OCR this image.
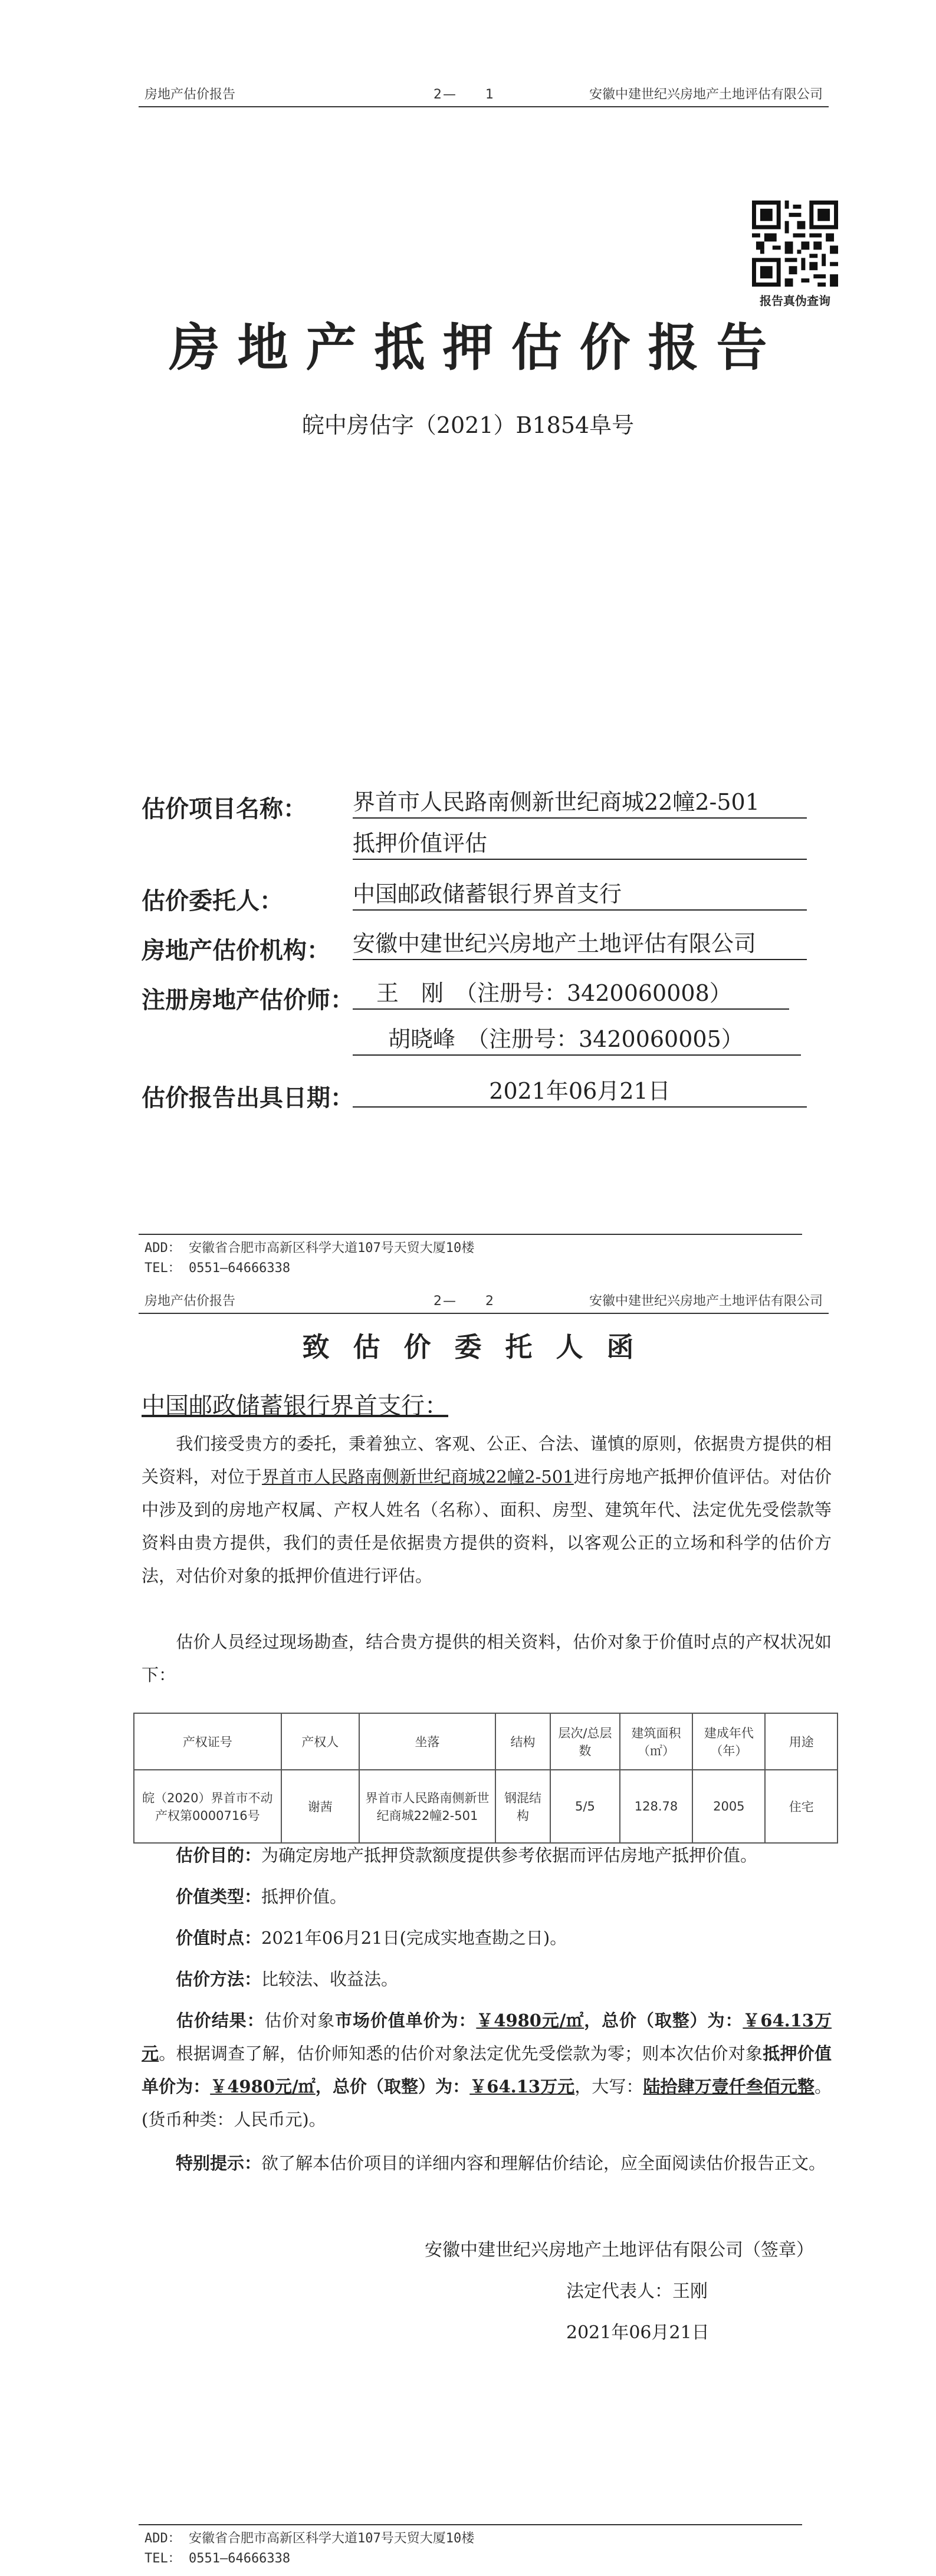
房地产估价报告	2—　　1	安徽中建世纪兴房地产土地评估有限公司
报告真伪查询
房地产抵押估价报告
皖中房估字（2021）B1854阜号
估价项目名称： 界首市人民路南侧新世纪商城22幢2-501
抵押价值评估
估价委托人：	中国邮政储蓄银行界首支行
房地产估价机构： 安徽中建世纪兴房地产土地评估有限公司
注册房地产估价师：	王　刚　（注册号：3420060008）
胡晓峰　（注册号：3420060005）
估价报告出具日期：	2021年06月21日
ADD： 安徽省合肥市高新区科学大道107号天贸大厦10楼
TEL： 0551—64666338
房地产估价报告	2—　　2	安徽中建世纪兴房地产土地评估有限公司
致估价委托人函
中国邮政储蓄银行界首支行：
我们接受贵方的委托，秉着独立、客观、公正、合法、谨慎的原则，依据贵方提供的相关资料，对位于界首市人民路南侧新世纪商城22幢2-501进行房地产抵押价值评估。对估价中涉及到的房地产权属、产权人姓名（名称）、面积、房型、建筑年代、法定优先受偿款等资料由贵方提供，我们的责任是依据贵方提供的资料，以客观公正的立场和科学的估价方法，对估价对象的抵押价值进行评估。
估价人员经过现场勘查，结合贵方提供的相关资料，估价对象于价值时点的产权状况如下：
产权证号	产权人	坐落	结构	层次/总层数	建筑面积（㎡）	建成年代（年）	用途
皖（2020）界首市不动产权第0000716号	谢茜	界首市人民路南侧新世纪商城22幢2-501	钢混结构	5/5	128.78	2005	住宅
估价目的：为确定房地产抵押贷款额度提供参考依据而评估房地产抵押价值。
价值类型：抵押价值。
价值时点：2021年06月21日(完成实地查勘之日)。
估价方法：比较法、收益法。
估价结果：估价对象市场价值单价为：￥4980元/㎡，总价（取整）为：￥64.13万元。根据调查了解，估价师知悉的估价对象法定优先受偿款为零；则本次估价对象抵押价值单价为：￥4980元/㎡，总价（取整）为：￥64.13万元，大写：陆拾肆万壹仟叁佰元整。(货币种类：人民币元)。
特别提示：欲了解本估价项目的详细内容和理解估价结论，应全面阅读估价报告正文。
安徽中建世纪兴房地产土地评估有限公司（签章）
法定代表人：王刚
2021年06月21日
ADD： 安徽省合肥市高新区科学大道107号天贸大厦10楼
TEL： 0551—64666338
